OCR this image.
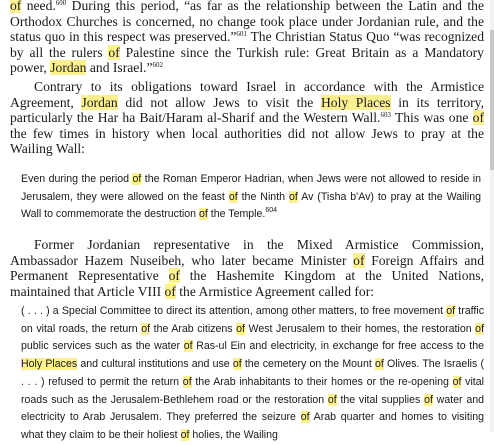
of need.$^{600}$ During this period, “as far as the relationship between the Latin and the Orthodox Churches is concerned, no change took place under Jordanian rule, and the status quo in this respect was preserved.”$^{601}$ The Christian Status Quo “was recognized by all the rulers of Palestine since the Turkish rule: Great Britain as a Mandatory power, Jordan and Israel.”$^{602}$

Contrary to its obligations toward Israel in accordance with the Armistice Agreement, Jordan did not allow Jews to visit the Holy Places in its territory, particularly the Har ha Bait/Haram al-Sharif and the Western Wall.$^{603}$ This was one of the few times in history when local authorities did not allow Jews to pray at the Wailing Wall:

Even during the period of the Roman Emperor Hadrian, when Jews were not allowed to reside in Jerusalem, they were allowed on the feast of the Ninth of Av (Tisha b'Av) to pray at the Wailing Wall to commemorate the destruction of the Temple.$^{604}$

Former Jordanian representative in the Mixed Armistice Commission, Ambassador Hazem Nuseibeh, who later became Minister of Foreign Affairs and Permanent Representative of the Hashemite Kingdom at the United Nations, maintained that Article VIII of the Armistice Agreement called for:

( . . . ) a Special Committee to direct its attention, among other matters, to free movement of traffic on vital roads, the return of the Arab citizens of West Jerusalem to their homes, the restoration of public services such as the water of Ras-ul Ein and electricity, in exchange for free access to the Holy Places and cultural institutions and use of the cemetery on the Mount of Olives. The Israelis ( . . . ) refused to permit the return of the Arab inhabitants to their homes or the re-opening of vital roads such as the Jerusalem-Bethlehem road or the restoration of the vital supplies of water and electricity to Arab Jerusalem. They preferred the seizure of Arab quarter and homes to visiting what they claim to be their holiest of holies, the Wailing
